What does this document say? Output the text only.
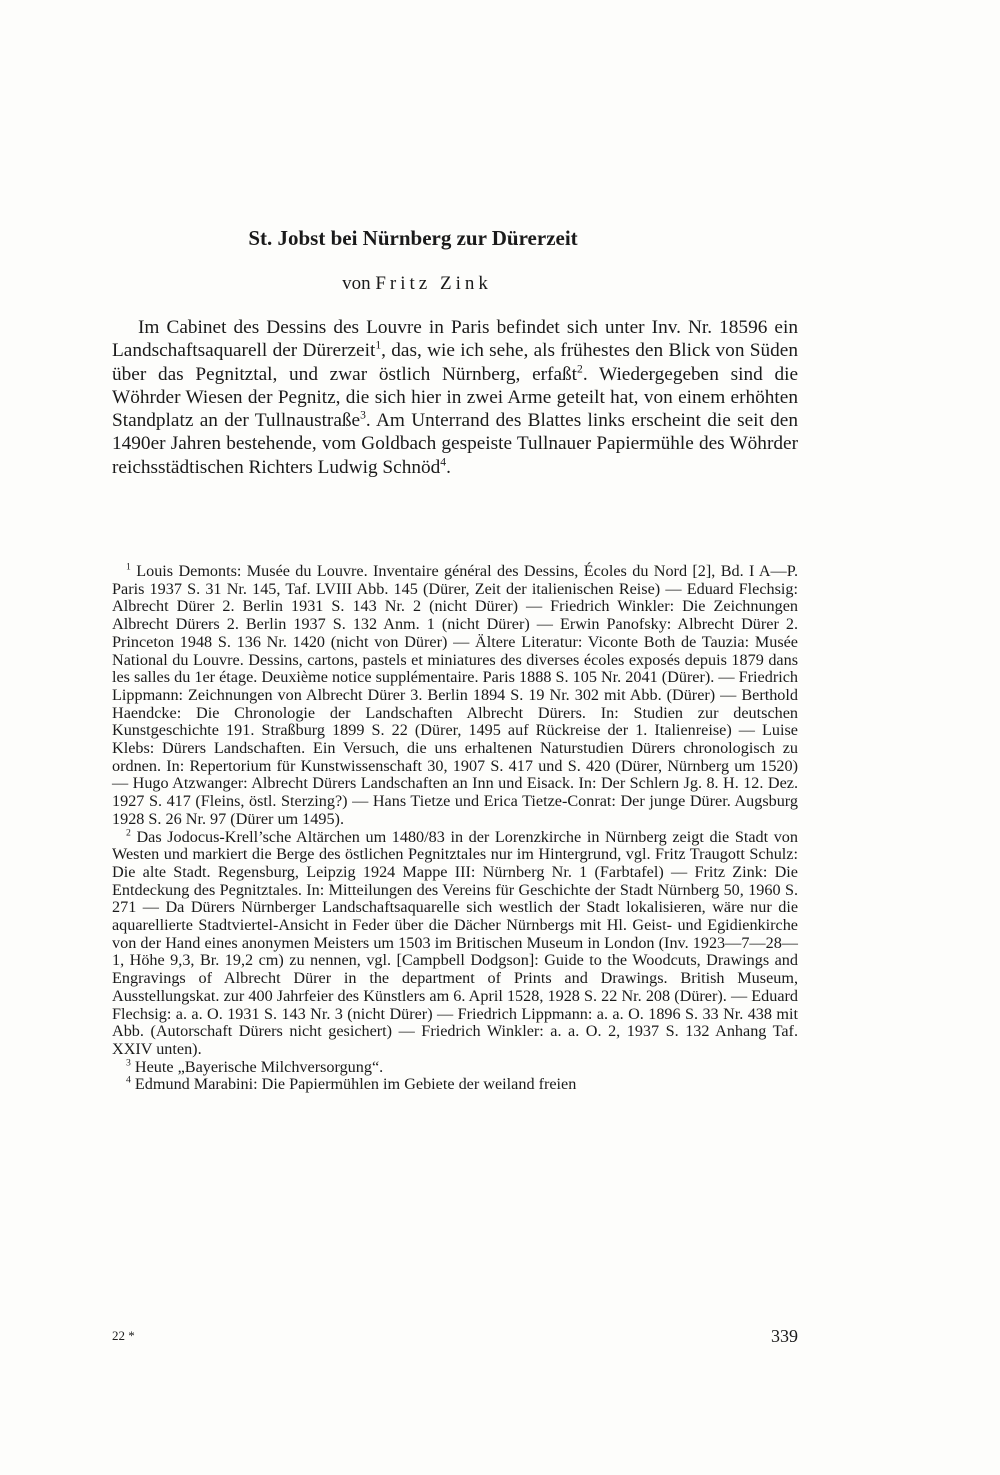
St. Jobst bei Nürnberg zur Dürerzeit

von Fritz Zink

Im Cabinet des Dessins des Louvre in Paris befindet sich unter Inv. Nr. 18596 ein Landschaftsaquarell der Dürerzeit$^1$, das, wie ich sehe, als frühestes den Blick von Süden über das Pegnitztal, und zwar östlich Nürnberg, erfaßt$^2$. Wiedergegeben sind die Wöhrder Wiesen der Pegnitz, die sich hier in zwei Arme geteilt hat, von einem erhöhten Standplatz an der Tullnaustraße$^3$. Am Unterrand des Blattes links erscheint die seit den 1490er Jahren bestehende, vom Goldbach gespeiste Tullnauer Papiermühle des Wöhrder reichsstädtischen Richters Ludwig Schnöd$^4$.

$^1$ Louis Demonts: Musée du Louvre. Inventaire général des Dessins, Écoles du Nord [2], Bd. I A—P. Paris 1937 S. 31 Nr. 145, Taf. LVIII Abb. 145 (Dürer, Zeit der italienischen Reise) — Eduard Flechsig: Albrecht Dürer 2. Berlin 1931 S. 143 Nr. 2 (nicht Dürer) — Friedrich Winkler: Die Zeichnungen Albrecht Dürers 2. Berlin 1937 S. 132 Anm. 1 (nicht Dürer) — Erwin Panofsky: Albrecht Dürer 2. Princeton 1948 S. 136 Nr. 1420 (nicht von Dürer) — Ältere Literatur: Viconte Both de Tauzia: Musée National du Louvre. Dessins, cartons, pastels et miniatures des diverses écoles exposés depuis 1879 dans les salles du 1er étage. Deuxième notice supplémentaire. Paris 1888 S. 105 Nr. 2041 (Dürer). — Friedrich Lippmann: Zeichnungen von Albrecht Dürer 3. Berlin 1894 S. 19 Nr. 302 mit Abb. (Dürer) — Berthold Haendcke: Die Chronologie der Landschaften Albrecht Dürers. In: Studien zur deutschen Kunstgeschichte 191. Straßburg 1899 S. 22 (Dürer, 1495 auf Rückreise der 1. Italienreise) — Luise Klebs: Dürers Landschaften. Ein Versuch, die uns erhaltenen Naturstudien Dürers chronologisch zu ordnen. In: Repertorium für Kunstwissenschaft 30, 1907 S. 417 und S. 420 (Dürer, Nürnberg um 1520) — Hugo Atzwanger: Albrecht Dürers Landschaften an Inn und Eisack. In: Der Schlern Jg. 8. H. 12. Dez. 1927 S. 417 (Fleins, östl. Sterzing?) — Hans Tietze und Erica Tietze-Conrat: Der junge Dürer. Augsburg 1928 S. 26 Nr. 97 (Dürer um 1495).

$^2$ Das Jodocus-Krell’sche Altärchen um 1480/83 in der Lorenzkirche in Nürnberg zeigt die Stadt von Westen und markiert die Berge des östlichen Pegnitztales nur im Hintergrund, vgl. Fritz Traugott Schulz: Die alte Stadt. Regensburg, Leipzig 1924 Mappe III: Nürnberg Nr. 1 (Farbtafel) — Fritz Zink: Die Entdeckung des Pegnitztales. In: Mitteilungen des Vereins für Geschichte der Stadt Nürnberg 50, 1960 S. 271 — Da Dürers Nürnberger Landschaftsaquarelle sich westlich der Stadt lokalisieren, wäre nur die aquarellierte Stadtviertel-Ansicht in Feder über die Dächer Nürnbergs mit Hl. Geist- und Egidienkirche von der Hand eines anonymen Meisters um 1503 im Britischen Museum in London (Inv. 1923—7—28—1, Höhe 9,3, Br. 19,2 cm) zu nennen, vgl. [Campbell Dodgson]: Guide to the Woodcuts, Drawings and Engravings of Albrecht Dürer in the department of Prints and Drawings. British Museum, Ausstellungskat. zur 400 Jahrfeier des Künstlers am 6. April 1528, 1928 S. 22 Nr. 208 (Dürer). — Eduard Flechsig: a. a. O. 1931 S. 143 Nr. 3 (nicht Dürer) — Friedrich Lippmann: a. a. O. 1896 S. 33 Nr. 438 mit Abb. (Autorschaft Dürers nicht gesichert) — Friedrich Winkler: a. a. O. 2, 1937 S. 132 Anhang Taf. XXIV unten).

$^3$ Heute „Bayerische Milchversorgung“.

$^4$ Edmund Marabini: Die Papiermühlen im Gebiete der weiland freien

22 *	339
